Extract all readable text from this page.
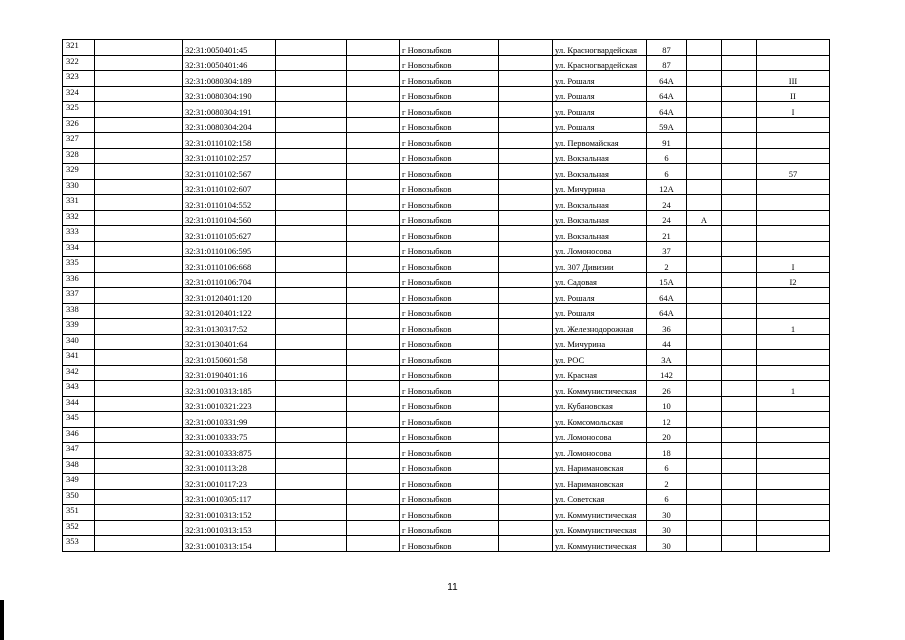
321		32:31:0050401:45			г Новозыбков		ул. Красногвардейская	87			
322		32:31:0050401:46			г Новозыбков		ул. Красногвардейская	87			
323		32:31:0080304:189			г Новозыбков		ул. Рошаля	64А			III
324		32:31:0080304:190			г Новозыбков		ул. Рошаля	64А			II
325		32:31:0080304:191			г Новозыбков		ул. Рошаля	64А			I
326		32:31:0080304:204			г Новозыбков		ул. Рошаля	59А			
327		32:31:0110102:158			г Новозыбков		ул. Первомайская	91			
328		32:31:0110102:257			г Новозыбков		ул. Вокзальная	6			
329		32:31:0110102:567			г Новозыбков		ул. Вокзальная	6			57
330		32:31:0110102:607			г Новозыбков		ул. Мичурина	12А			
331		32:31:0110104:552			г Новозыбков		ул. Вокзальная	24			
332		32:31:0110104:560			г Новозыбков		ул. Вокзальная	24	А		
333		32:31:0110105:627			г Новозыбков		ул. Вокзальная	21			
334		32:31:0110106:595			г Новозыбков		ул. Ломоносова	37			
335		32:31:0110106:668			г Новозыбков		ул. 307 Дивизии	2			I
336		32:31:0110106:704			г Новозыбков		ул. Садовая	15А			I2
337		32:31:0120401:120			г Новозыбков		ул. Рошаля	64А			
338		32:31:0120401:122			г Новозыбков		ул. Рошаля	64А			
339		32:31:0130317:52			г Новозыбков		ул. Железнодорожная	36			1
340		32:31:0130401:64			г Новозыбков		ул. Мичурина	44			
341		32:31:0150601:58			г Новозыбков		ул. РОС	3А			
342		32:31:0190401:16			г Новозыбков		ул. Красная	142			
343		32:31:0010313:185			г Новозыбков		ул. Коммунистическая	26			1
344		32:31:0010321:223			г Новозыбков		ул. Кубановская	10			
345		32:31:0010331:99			г Новозыбков		ул. Комсомольская	12			
346		32:31:0010333:75			г Новозыбков		ул. Ломоносова	20			
347		32:31:0010333:875			г Новозыбков		ул. Ломоносова	18			
348		32:31:0010113:28			г Новозыбков		ул. Наримановская	6			
349		32:31:0010117:23			г Новозыбков		ул. Наримановская	2			
350		32:31:0010305:117			г Новозыбков		ул. Советская	6			
351		32:31:0010313:152			г Новозыбков		ул. Коммунистическая	30			
352		32:31:0010313:153			г Новозыбков		ул. Коммунистическая	30			
353		32:31:0010313:154			г Новозыбков		ул. Коммунистическая	30			
11
